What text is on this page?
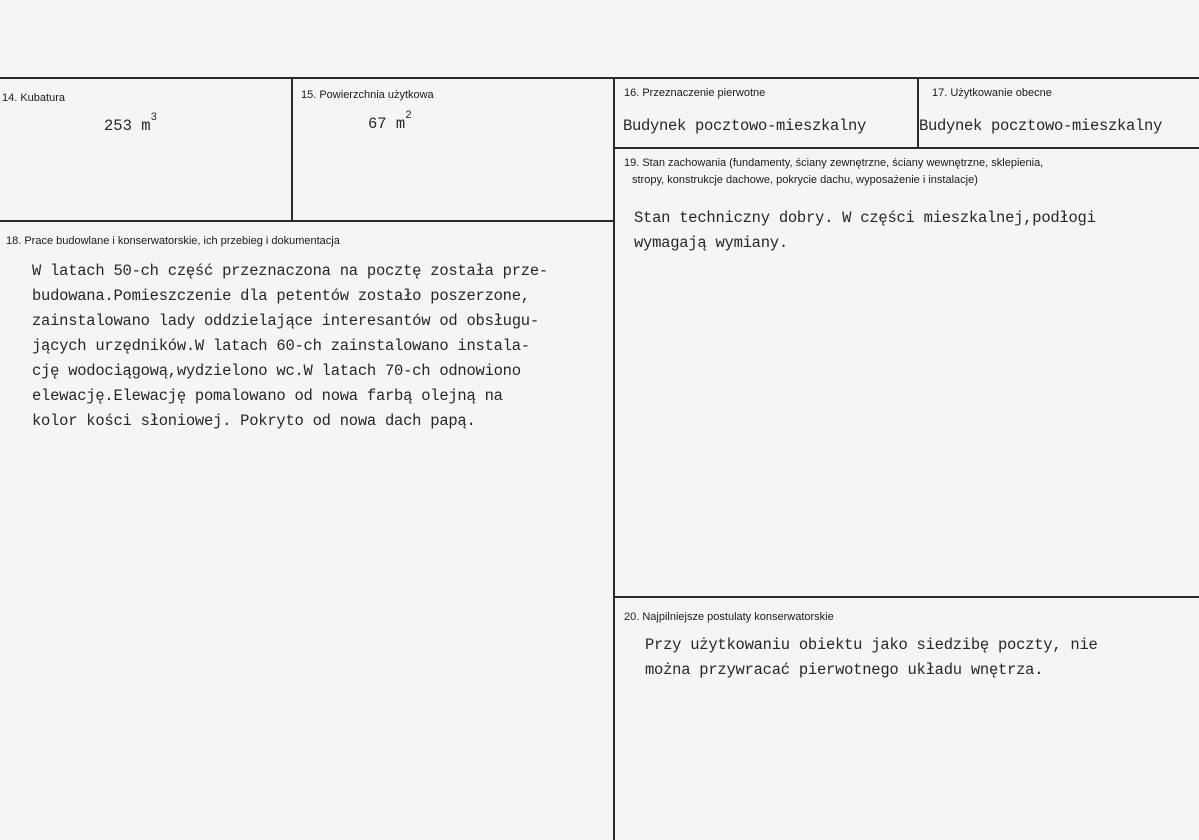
14. Kubatura
253 $m^3$
15. Powierzchnia użytkowa
67 $m^2$
16. Przeznaczenie pierwotne
Budynek pocztowo-mieszkalny
17. Użytkowanie obecne
Budynek pocztowo-mieszkalny
18. Prace budowlane i konserwatorskie, ich przebieg i dokumentacja
W latach 50-ch część przeznaczona na pocztę została prze-
budowana.Pomieszczenie dla petentów zostało poszerzone,
zainstalowano lady oddzielające interesantów od obsługu-
jących urzędników.W latach 60-ch zainstalowano instala-
cję wodociągową,wydzielono wc.W latach 70-ch odnowiono
elewację.Elewację pomalowano od nowa farbą olejną na
kolor kości słoniowej. Pokryto od nowa dach papą.
19. Stan zachowania (fundamenty, ściany zewnętrzne, ściany wewnętrzne, sklepienia,
stropy, konstrukcje dachowe, pokrycie dachu, wyposażenie i instalacje)
Stan techniczny dobry. W części mieszkalnej,podłogi
wymagają wymiany.
20. Najpilniejsze postulaty konserwatorskie
Przy użytkowaniu obiektu jako siedzibę poczty, nie
można przywracać pierwotnego układu wnętrza.
